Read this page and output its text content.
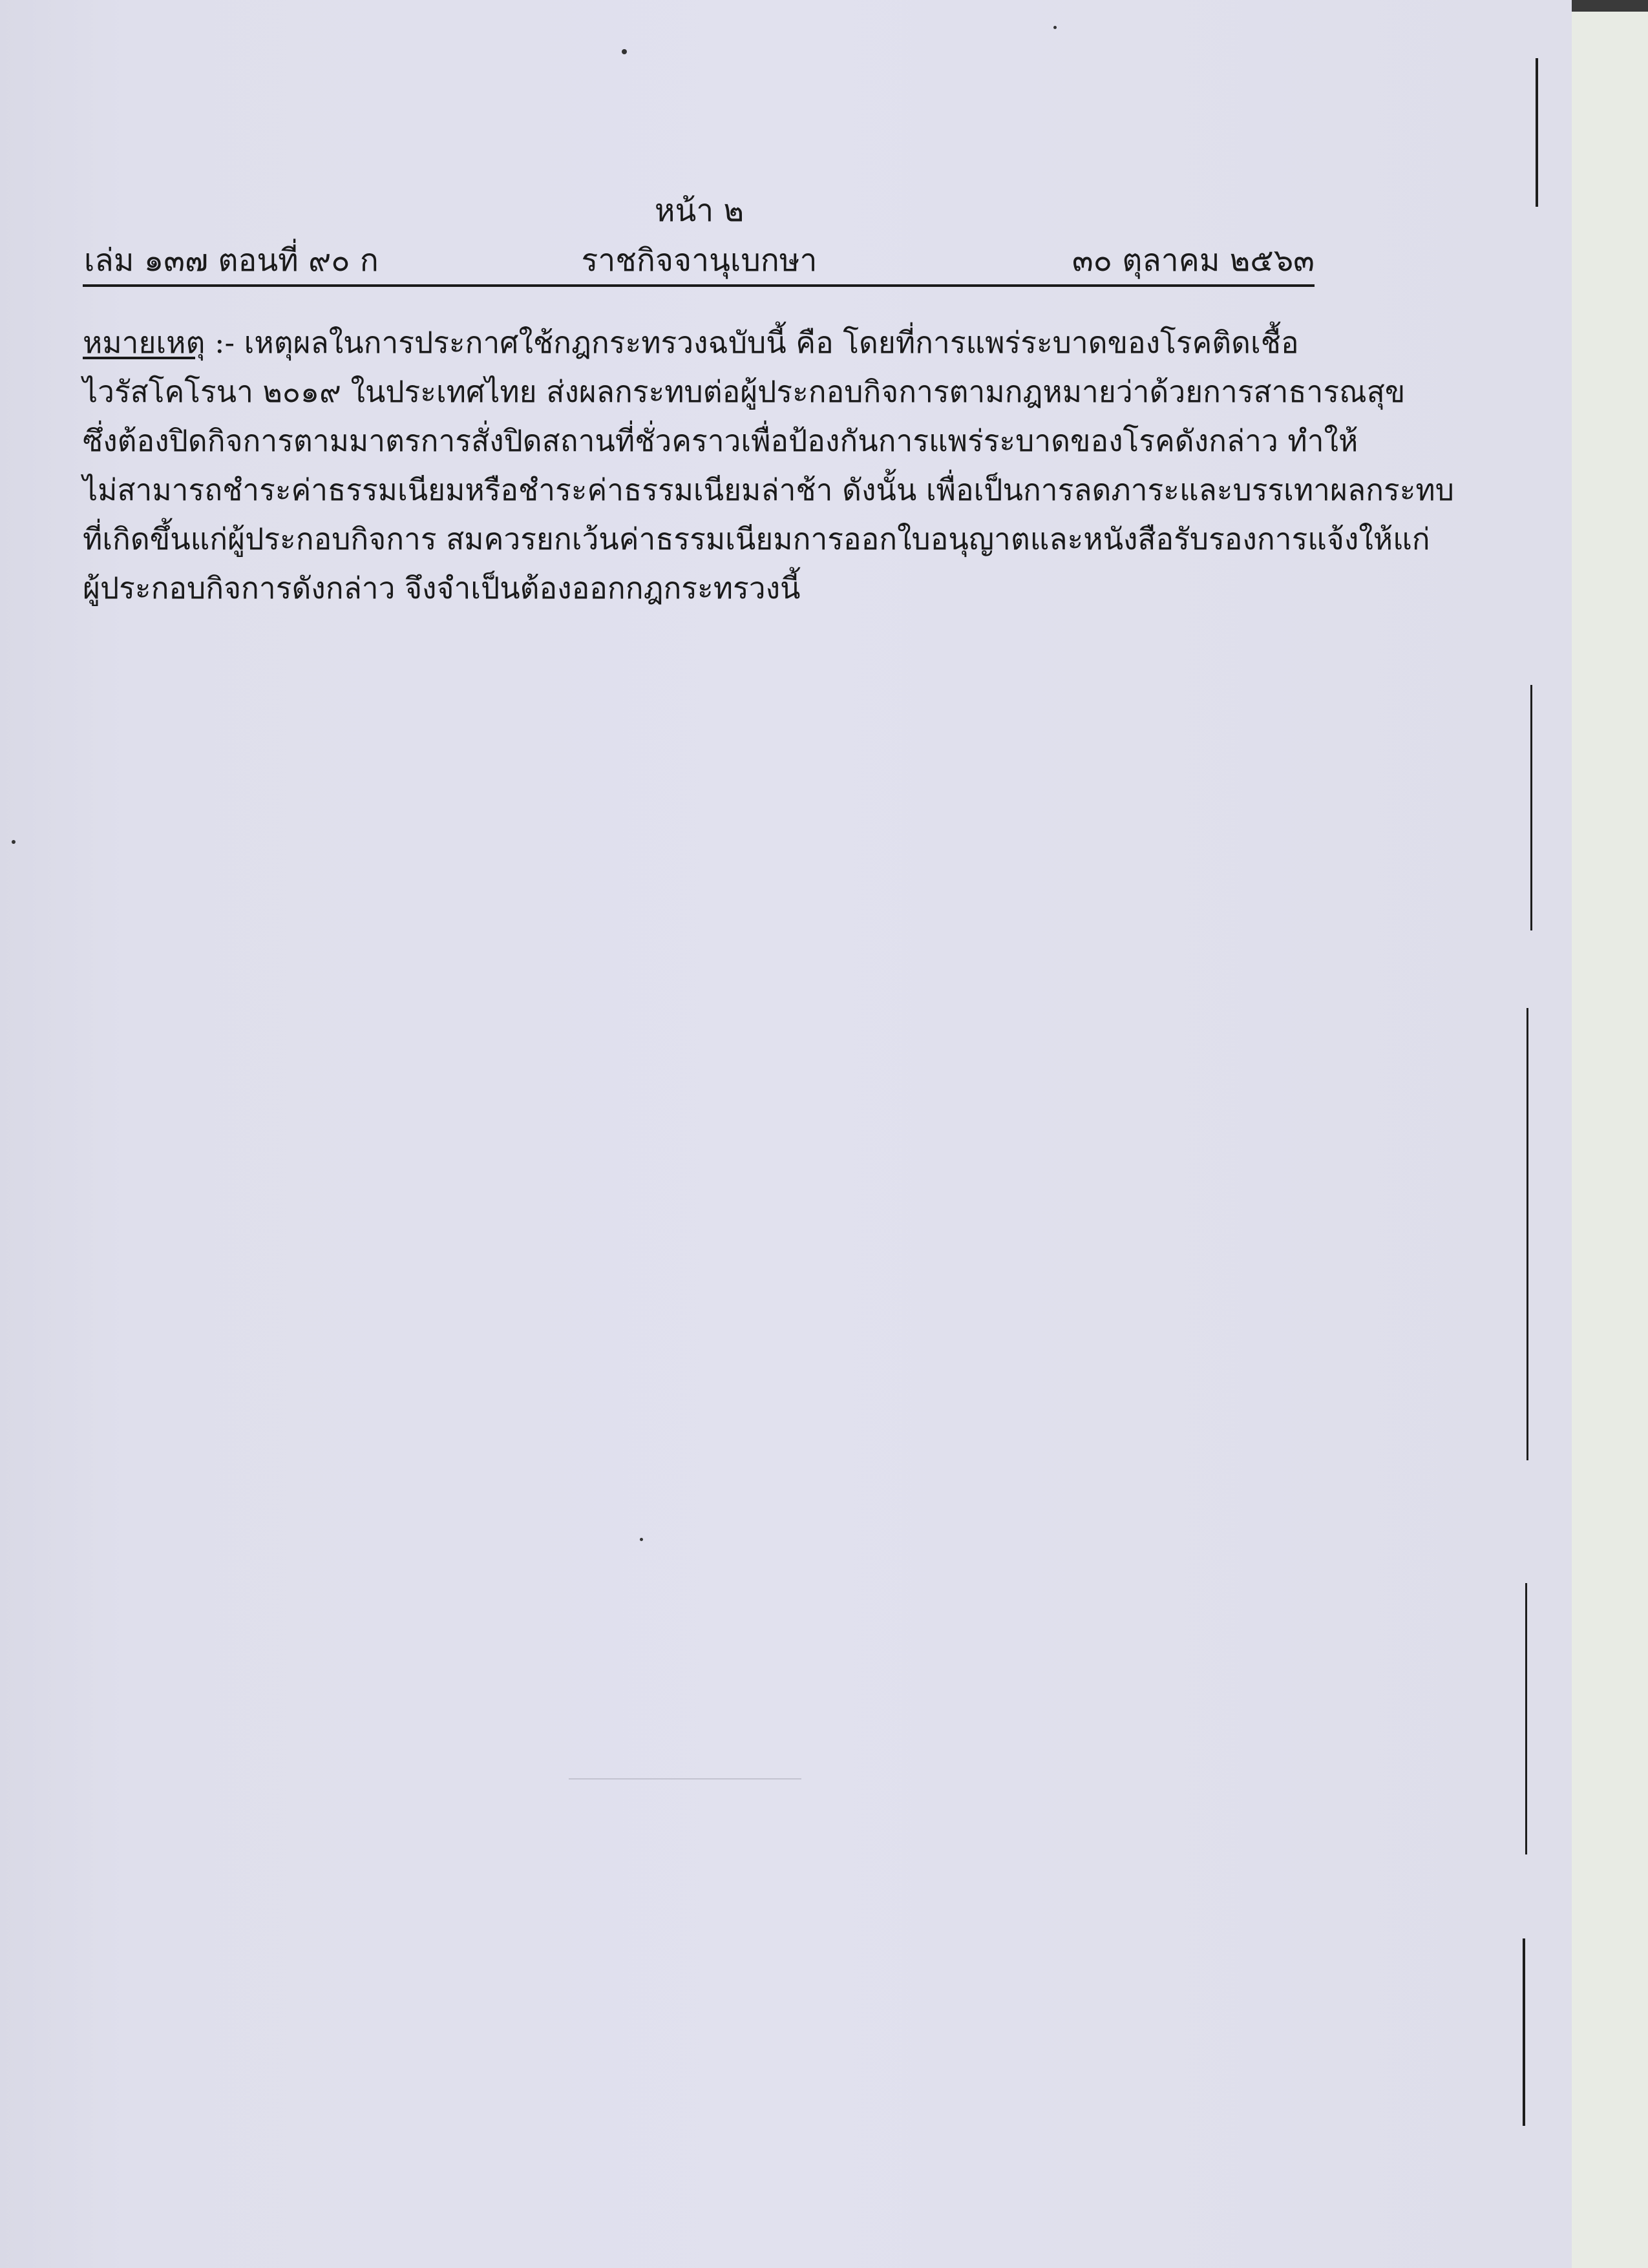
หน้า ๒
ราชกิจจานุเบกษา
เล่ม ๑๓๗ ตอนที่ ๙๐ ก	๓๐ ตุลาคม ๒๕๖๓
หมายเหตุ :- เหตุผลในการประกาศใช้กฎกระทรวงฉบับนี้ คือ โดยที่การแพร่ระบาดของโรคติดเชื้อ
ไวรัสโคโรนา ๒๐๑๙ ในประเทศไทย ส่งผลกระทบต่อผู้ประกอบกิจการตามกฎหมายว่าด้วยการสาธารณสุข
ซึ่งต้องปิดกิจการตามมาตรการสั่งปิดสถานที่ชั่วคราวเพื่อป้องกันการแพร่ระบาดของโรคดังกล่าว ทำให้
ไม่สามารถชำระค่าธรรมเนียมหรือชำระค่าธรรมเนียมล่าช้า ดังนั้น เพื่อเป็นการลดภาระและบรรเทาผลกระทบ
ที่เกิดขึ้นแก่ผู้ประกอบกิจการ สมควรยกเว้นค่าธรรมเนียมการออกใบอนุญาตและหนังสือรับรองการแจ้งให้แก่
ผู้ประกอบกิจการดังกล่าว จึงจำเป็นต้องออกกฎกระทรวงนี้
